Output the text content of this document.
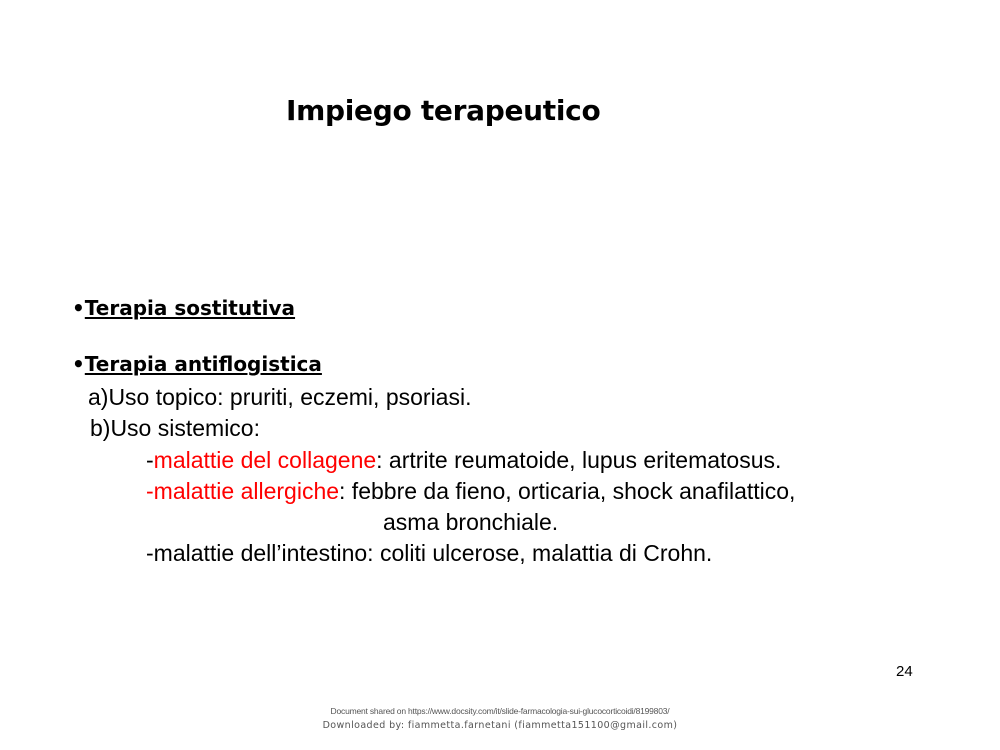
Impiego terapeutico
•Terapia sostitutiva
•Terapia antiflogistica
a)Uso topico: pruriti, eczemi, psoriasi.
b)Uso sistemico:
-malattie del collagene: artrite reumatoide, lupus eritematosus.
-malattie allergiche: febbre da fieno, orticaria, shock anafilattico,
asma bronchiale.
-malattie dell’intestino: coliti ulcerose, malattia di Crohn.
24
Document shared on https://www.docsity.com/it/slide-farmacologia-sui-glucocorticoidi/8199803/
Downloaded by: fiammetta.farnetani (fiammetta151100@gmail.com)
